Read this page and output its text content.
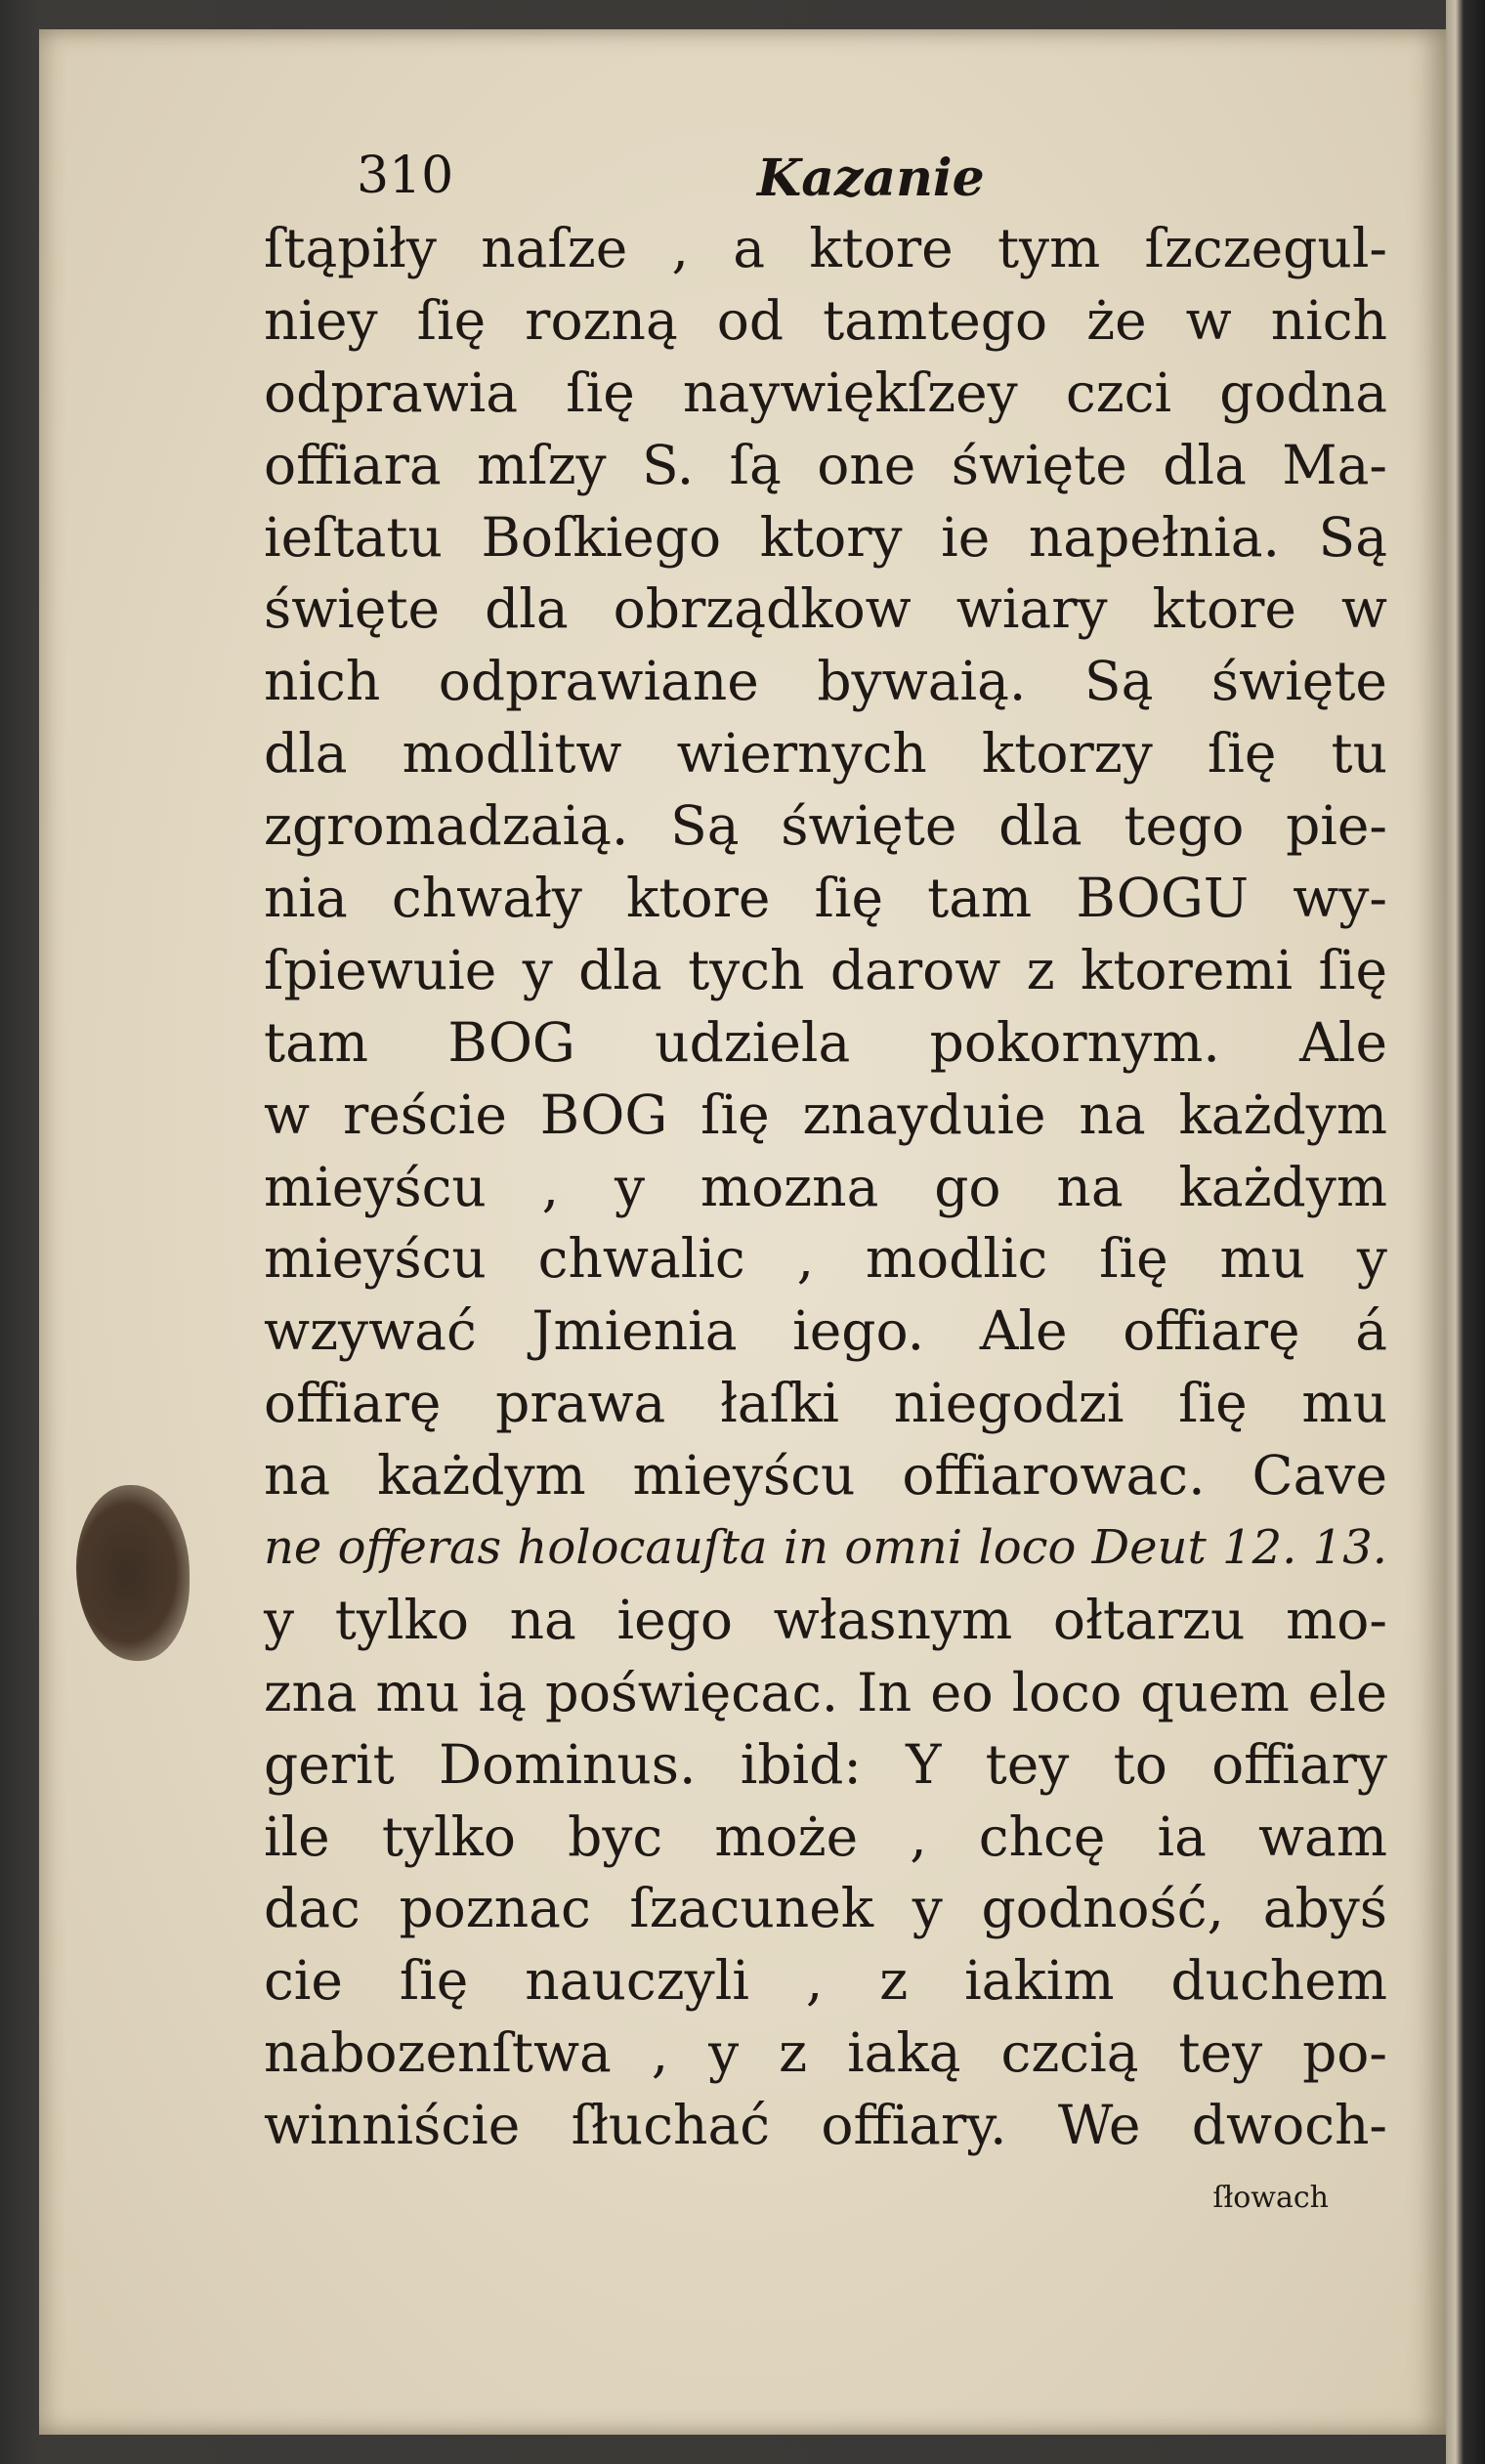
310	Kazanie
ſtąpiły naſze , a ktore tym ſzczegul-
niey ſię rozną od tamtego że w nich
odprawia ſię naywiękſzey czci godna
offiara mſzy S. ſą one święte dla Ma-
ieſtatu Boſkiego ktory ie napełnia. Są
święte dla obrządkow wiary ktore w
nich odprawiane bywaią. Są święte
dla modlitw wiernych ktorzy ſię tu
zgromadzaią. Są święte dla tego pie-
nia chwały ktore ſię tam BOGU wy-
ſpiewuie y dla tych darow z ktoremi ſię
tam BOG udziela pokornym. Ale
w reście BOG ſię znayduie na każdym
mieyścu , y mozna go na każdym
mieyścu chwalic , modlic ſię mu y
wzywać Jmienia iego. Ale offiarę á
offiarę prawa łaſki niegodzi ſię mu
na każdym mieyścu offiarowac. Cave
ne offeras holocauſta in omni loco Deut 12. 13.
y tylko na iego własnym ołtarzu mo-
zna mu ią poświęcac. In eo loco quem ele
gerit Dominus. ibid: Y tey to offiary
ile tylko byc może , chcę ia wam
dac poznac ſzacunek y godność, abyś
cie ſię nauczyli , z iakim duchem
nabozenſtwa , y z iaką czcią tey po-
winniście ſłuchać offiary. We dwoch-
ſłowach
